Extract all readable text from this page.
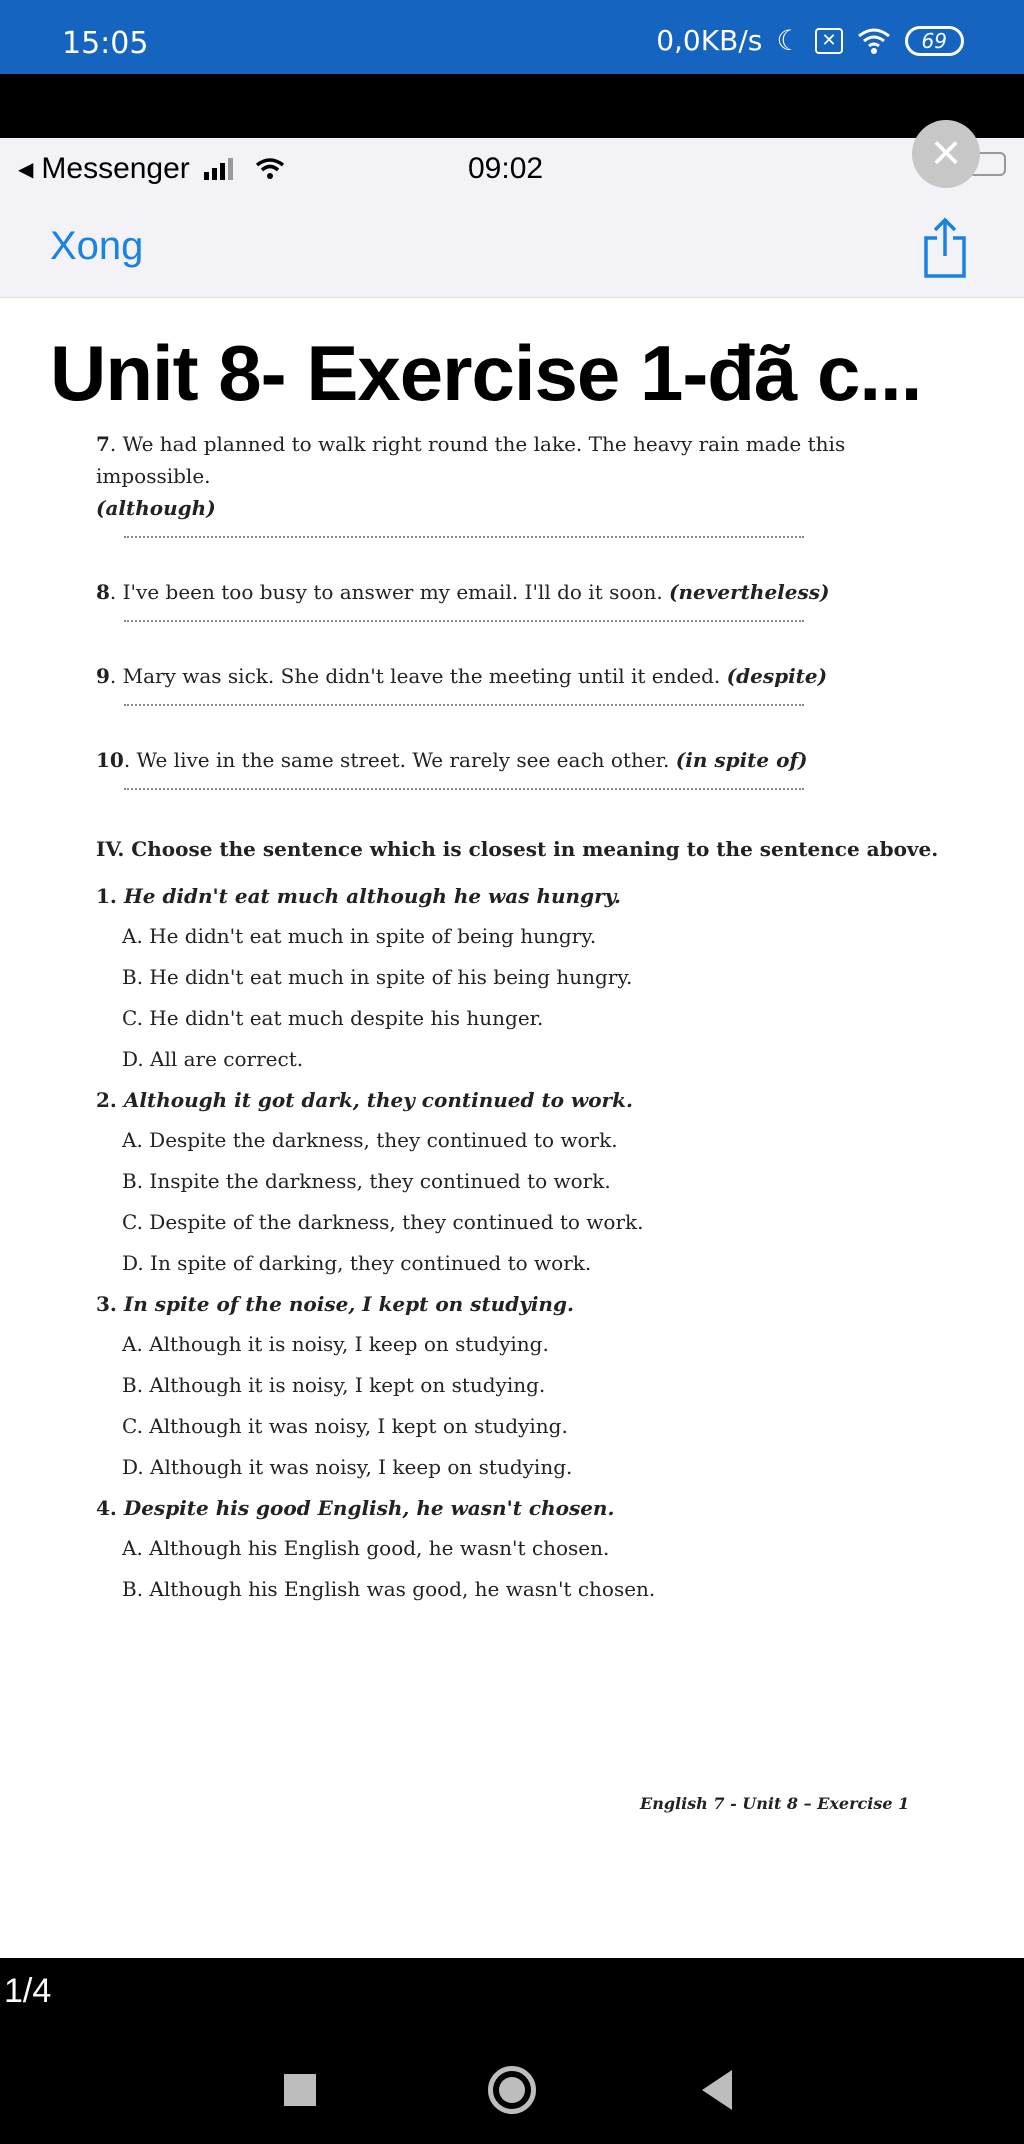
15:05	0,0KB/s ☾	✕	69
◀ Messenger	09:02	×
Xong
Unit 8- Exercise 1-đã c...
7. We had planned to walk right round the lake. The heavy rain made this impossible.
(although)
8. I've been too busy to answer my email. I'll do it soon. (nevertheless)
9. Mary was sick. She didn't leave the meeting until it ended. (despite)
10. We live in the same street. We rarely see each other. (in spite of)
IV. Choose the sentence which is closest in meaning to the sentence above.
1. He didn't eat much although he was hungry.
A. He didn't eat much in spite of being hungry.
B. He didn't eat much in spite of his being hungry.
C. He didn't eat much despite his hunger.
D. All are correct.
2. Although it got dark, they continued to work.
A. Despite the darkness, they continued to work.
B. Inspite the darkness, they continued to work.
C. Despite of the darkness, they continued to work.
D. In spite of darking, they continued to work.
3. In spite of the noise, I kept on studying.
A. Although it is noisy, I keep on studying.
B. Although it is noisy, I kept on studying.
C. Although it was noisy, I kept on studying.
D. Although it was noisy, I keep on studying.
4. Despite his good English, he wasn't chosen.
A. Although his English good, he wasn't chosen.
B. Although his English was good, he wasn't chosen.
English 7 - Unit 8 – Exercise 1
1/4
